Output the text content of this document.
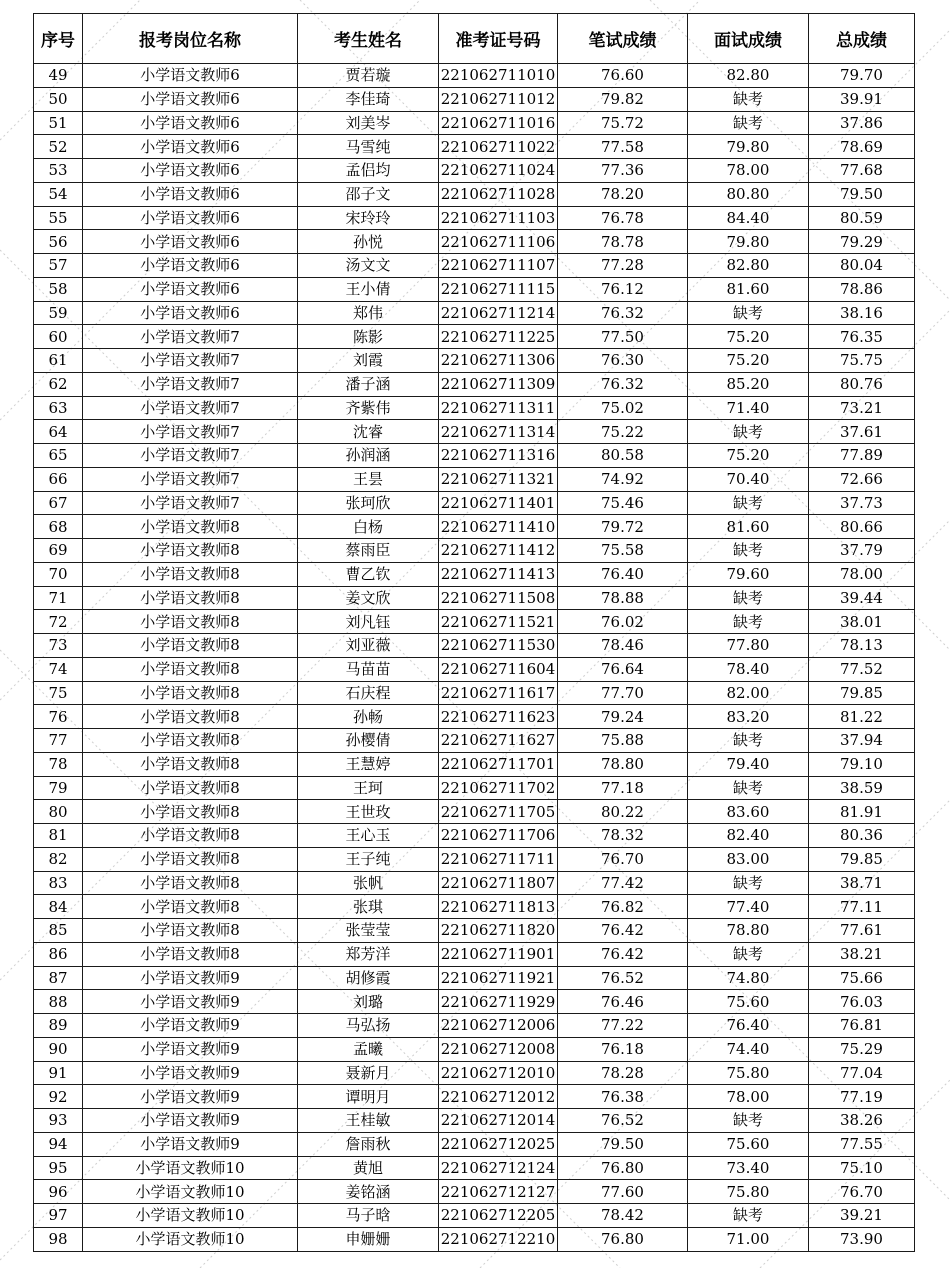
序号	报考岗位名称	考生姓名	准考证号码	笔试成绩	面试成绩	总成绩
49	小学语文教师6	贾若璇	221062711010	76.60	82.80	79.70
50	小学语文教师6	李佳琦	221062711012	79.82	缺考	39.91
51	小学语文教师6	刘美岑	221062711016	75.72	缺考	37.86
52	小学语文教师6	马雪纯	221062711022	77.58	79.80	78.69
53	小学语文教师6	孟侣均	221062711024	77.36	78.00	77.68
54	小学语文教师6	邵子文	221062711028	78.20	80.80	79.50
55	小学语文教师6	宋玲玲	221062711103	76.78	84.40	80.59
56	小学语文教师6	孙悦	221062711106	78.78	79.80	79.29
57	小学语文教师6	汤文文	221062711107	77.28	82.80	80.04
58	小学语文教师6	王小倩	221062711115	76.12	81.60	78.86
59	小学语文教师6	郑伟	221062711214	76.32	缺考	38.16
60	小学语文教师7	陈影	221062711225	77.50	75.20	76.35
61	小学语文教师7	刘霞	221062711306	76.30	75.20	75.75
62	小学语文教师7	潘子涵	221062711309	76.32	85.20	80.76
63	小学语文教师7	齐紫伟	221062711311	75.02	71.40	73.21
64	小学语文教师7	沈睿	221062711314	75.22	缺考	37.61
65	小学语文教师7	孙润涵	221062711316	80.58	75.20	77.89
66	小学语文教师7	王昙	221062711321	74.92	70.40	72.66
67	小学语文教师7	张珂欣	221062711401	75.46	缺考	37.73
68	小学语文教师8	白杨	221062711410	79.72	81.60	80.66
69	小学语文教师8	蔡雨臣	221062711412	75.58	缺考	37.79
70	小学语文教师8	曹乙钦	221062711413	76.40	79.60	78.00
71	小学语文教师8	姜文欣	221062711508	78.88	缺考	39.44
72	小学语文教师8	刘凡钰	221062711521	76.02	缺考	38.01
73	小学语文教师8	刘亚薇	221062711530	78.46	77.80	78.13
74	小学语文教师8	马苗苗	221062711604	76.64	78.40	77.52
75	小学语文教师8	石庆程	221062711617	77.70	82.00	79.85
76	小学语文教师8	孙畅	221062711623	79.24	83.20	81.22
77	小学语文教师8	孙樱倩	221062711627	75.88	缺考	37.94
78	小学语文教师8	王慧婷	221062711701	78.80	79.40	79.10
79	小学语文教师8	王珂	221062711702	77.18	缺考	38.59
80	小学语文教师8	王世玫	221062711705	80.22	83.60	81.91
81	小学语文教师8	王心玉	221062711706	78.32	82.40	80.36
82	小学语文教师8	王子纯	221062711711	76.70	83.00	79.85
83	小学语文教师8	张帆	221062711807	77.42	缺考	38.71
84	小学语文教师8	张琪	221062711813	76.82	77.40	77.11
85	小学语文教师8	张莹莹	221062711820	76.42	78.80	77.61
86	小学语文教师8	郑芳洋	221062711901	76.42	缺考	38.21
87	小学语文教师9	胡修霞	221062711921	76.52	74.80	75.66
88	小学语文教师9	刘璐	221062711929	76.46	75.60	76.03
89	小学语文教师9	马弘扬	221062712006	77.22	76.40	76.81
90	小学语文教师9	孟曦	221062712008	76.18	74.40	75.29
91	小学语文教师9	聂新月	221062712010	78.28	75.80	77.04
92	小学语文教师9	谭明月	221062712012	76.38	78.00	77.19
93	小学语文教师9	王桂敏	221062712014	76.52	缺考	38.26
94	小学语文教师9	詹雨秋	221062712025	79.50	75.60	77.55
95	小学语文教师10	黄旭	221062712124	76.80	73.40	75.10
96	小学语文教师10	姜铭涵	221062712127	77.60	75.80	76.70
97	小学语文教师10	马子晗	221062712205	78.42	缺考	39.21
98	小学语文教师10	申姗姗	221062712210	76.80	71.00	73.90
